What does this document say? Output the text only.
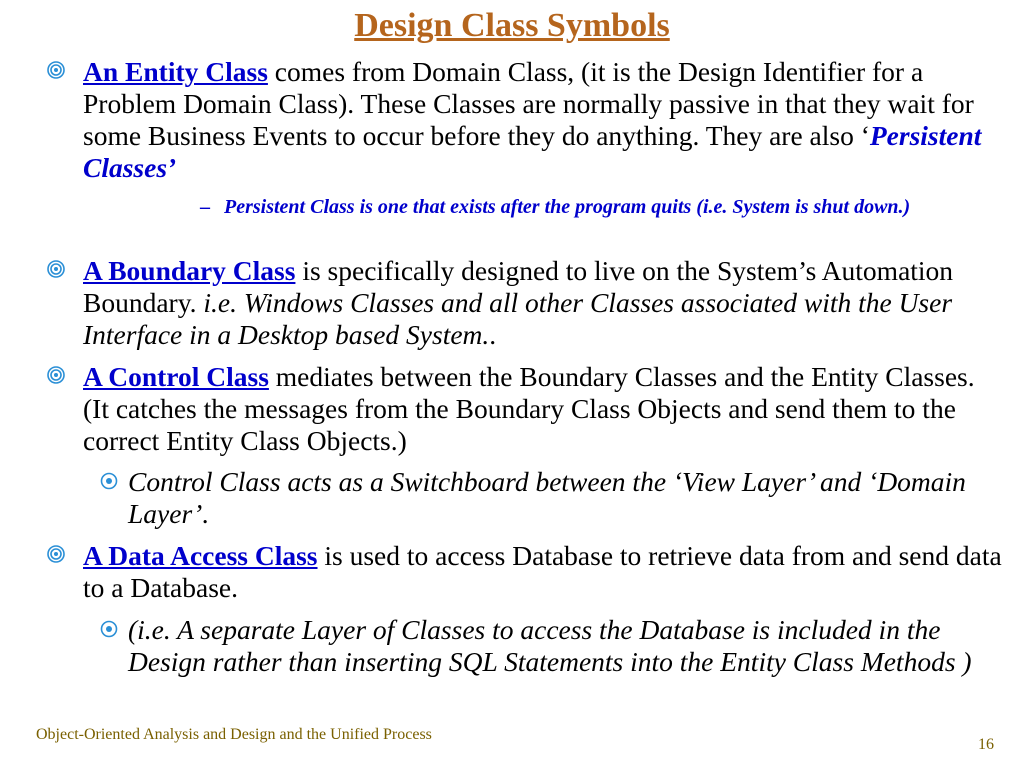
Design Class Symbols
An Entity Class comes from Domain Class, (it is the Design Identifier for a Problem Domain Class). These Classes are normally passive in that they wait for some Business Events to occur before they do anything. They are also ‘Persistent Classes’
– Persistent Class is one that exists after the program quits (i.e. System is shut down.)
A Boundary Class is specifically designed to live on the System’s Automation Boundary. i.e. Windows Classes and all other Classes associated with the User Interface in a Desktop based System..
A Control Class mediates between the Boundary Classes and the Entity Classes. (It catches the messages from the Boundary Class Objects and send them to the correct Entity Class Objects.)
Control Class acts as a Switchboard between the ‘View Layer’ and ‘Domain Layer’.
A Data Access Class is used to access Database to retrieve data from and send data to a Database.
(i.e. A separate Layer of Classes to access the Database is included in the Design rather than inserting SQL Statements into the Entity Class Methods )
Object-Oriented Analysis and Design and the Unified Process
16
